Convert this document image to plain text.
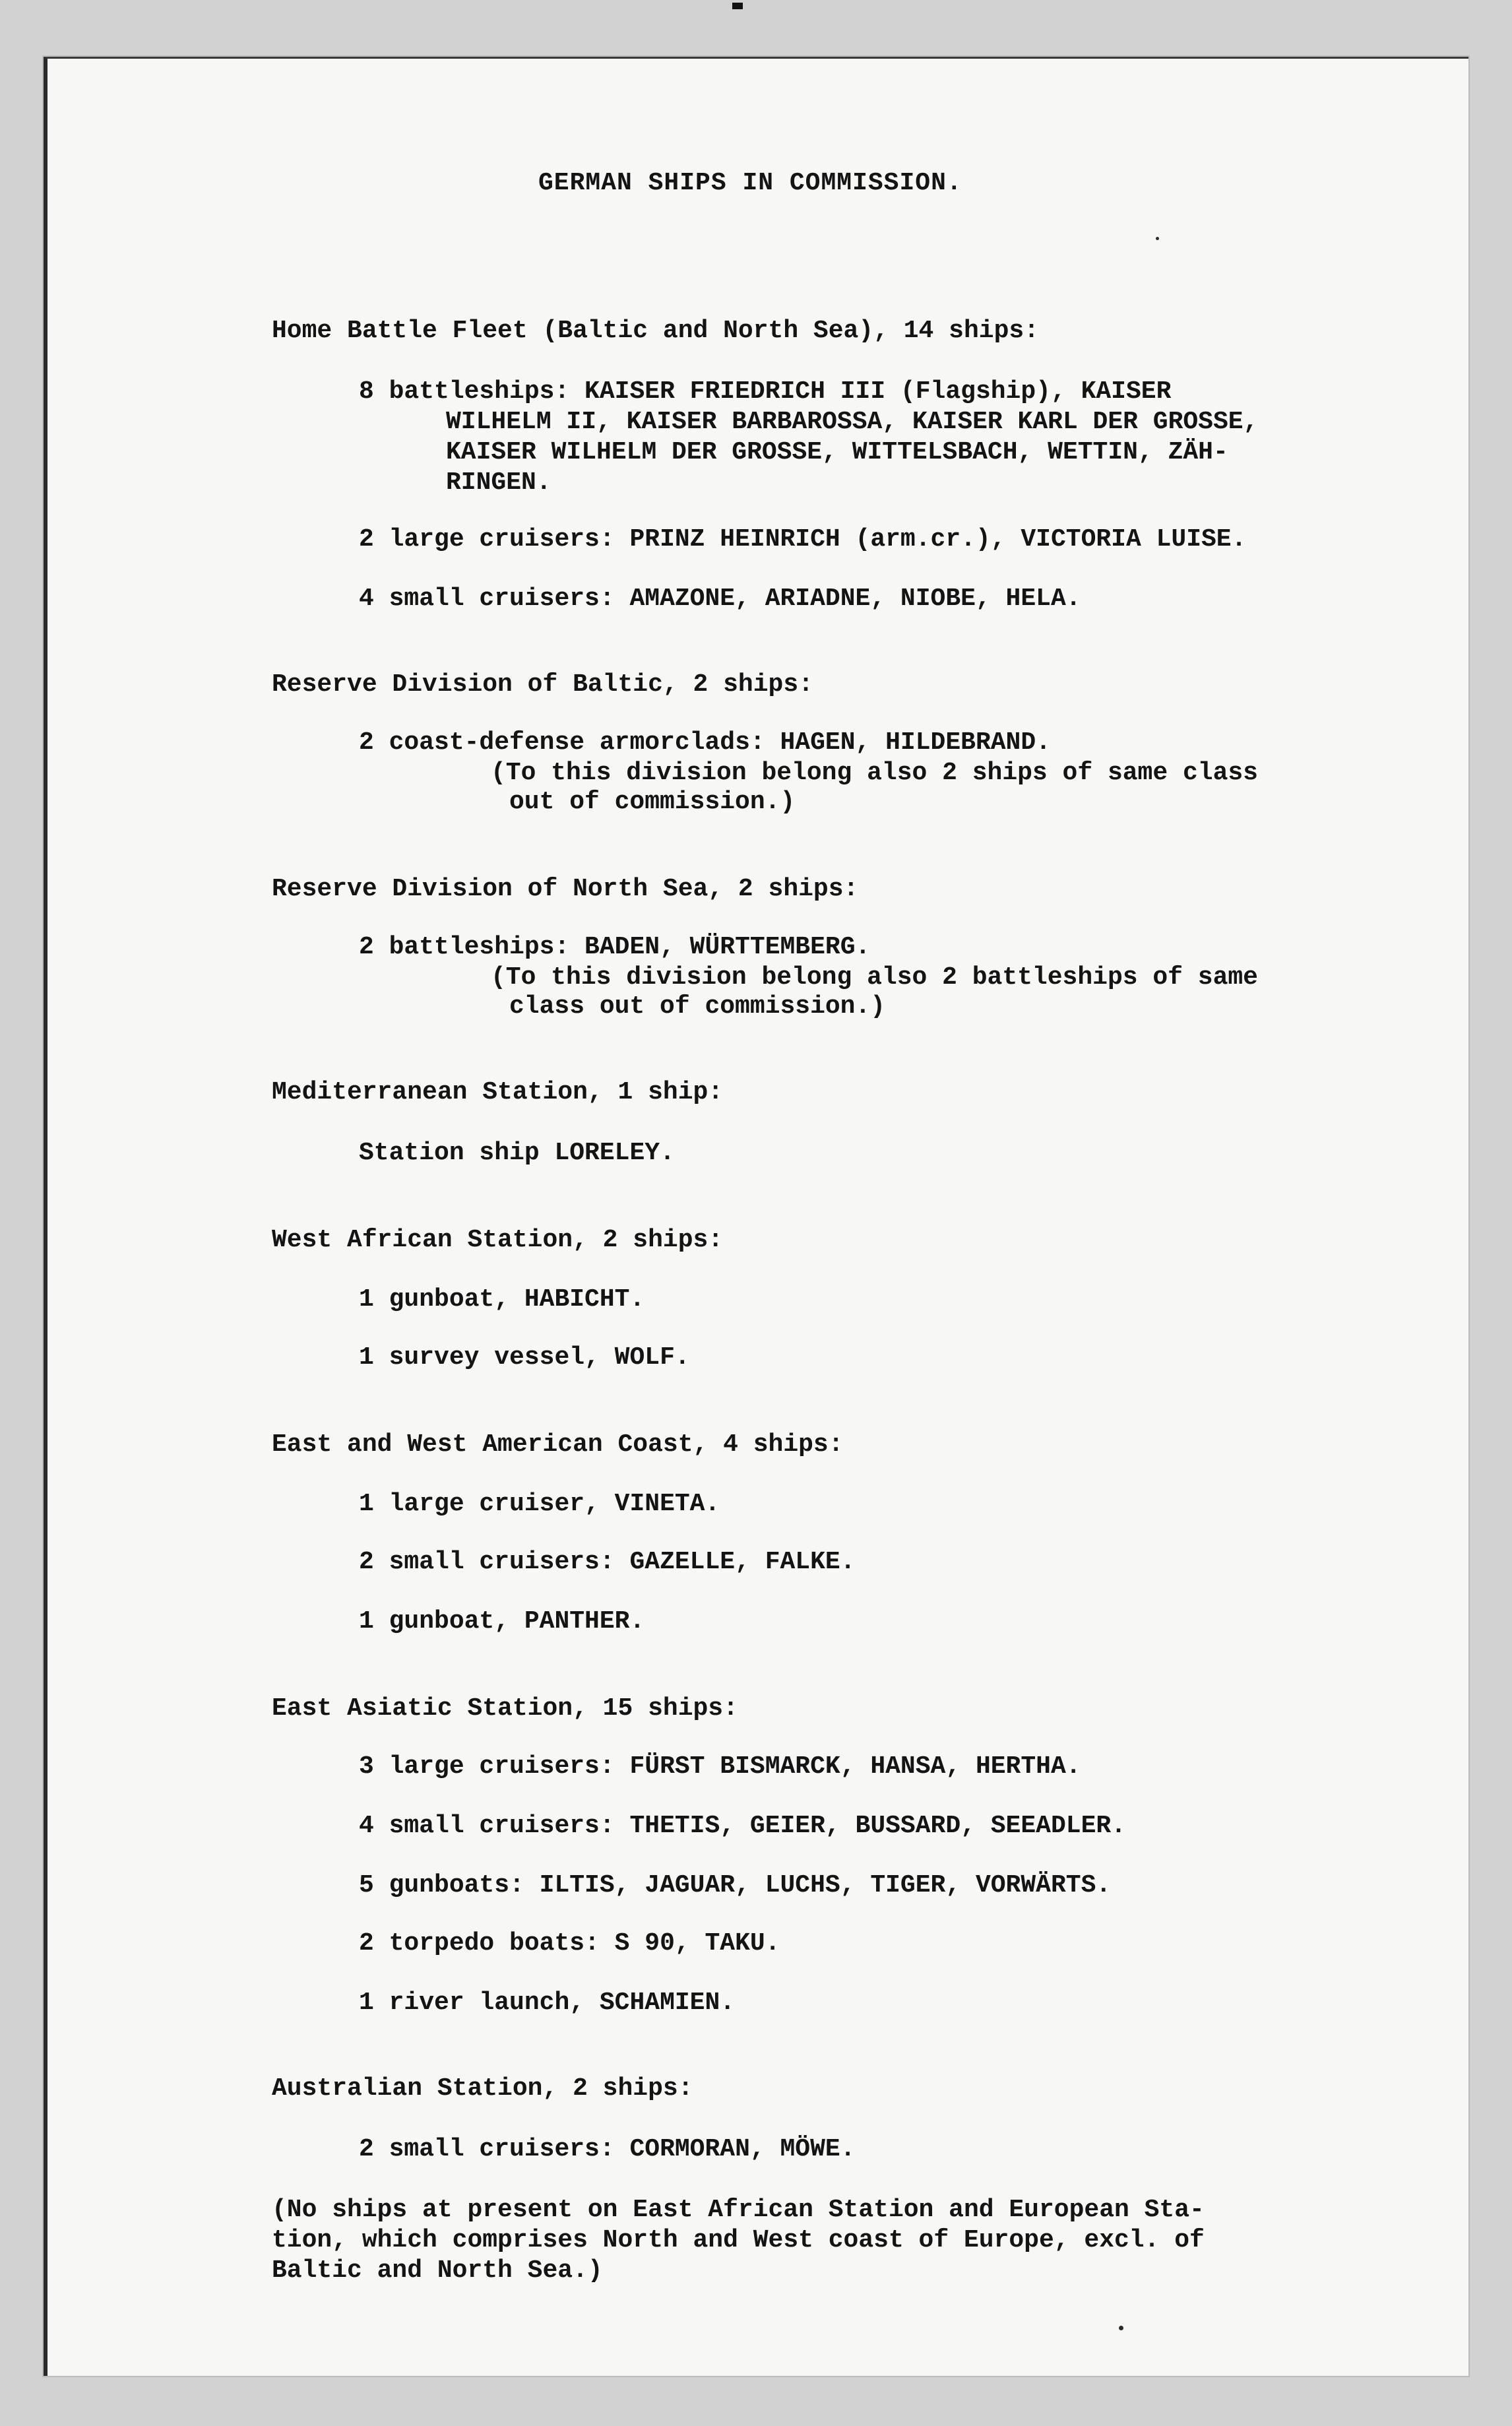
GERMAN SHIPS IN COMMISSION.
Home Battle Fleet (Baltic and North Sea), 14 ships:
8 battleships: KAISER FRIEDRICH III (Flagship), KAISER
WILHELM II, KAISER BARBAROSSA, KAISER KARL DER GROSSE,
KAISER WILHELM DER GROSSE, WITTELSBACH, WETTIN, ZÄH-
RINGEN.
2 large cruisers: PRINZ HEINRICH (arm.cr.), VICTORIA LUISE.
4 small cruisers: AMAZONE, ARIADNE, NIOBE, HELA.
Reserve Division of Baltic, 2 ships:
2 coast-defense armorclads: HAGEN, HILDEBRAND.
(To this division belong also 2 ships of same class
out of commission.)
Reserve Division of North Sea, 2 ships:
2 battleships: BADEN, WÜRTTEMBERG.
(To this division belong also 2 battleships of same
class out of commission.)
Mediterranean Station, 1 ship:
Station ship LORELEY.
West African Station, 2 ships:
1 gunboat, HABICHT.
1 survey vessel, WOLF.
East and West American Coast, 4 ships:
1 large cruiser, VINETA.
2 small cruisers: GAZELLE, FALKE.
1 gunboat, PANTHER.
East Asiatic Station, 15 ships:
3 large cruisers: FÜRST BISMARCK, HANSA, HERTHA.
4 small cruisers: THETIS, GEIER, BUSSARD, SEEADLER.
5 gunboats: ILTIS, JAGUAR, LUCHS, TIGER, VORWÄRTS.
2 torpedo boats: S 90, TAKU.
1 river launch, SCHAMIEN.
Australian Station, 2 ships:
2 small cruisers: CORMORAN, MÖWE.
(No ships at present on East African Station and European Sta-
tion, which comprises North and West coast of Europe, excl. of
Baltic and North Sea.)
